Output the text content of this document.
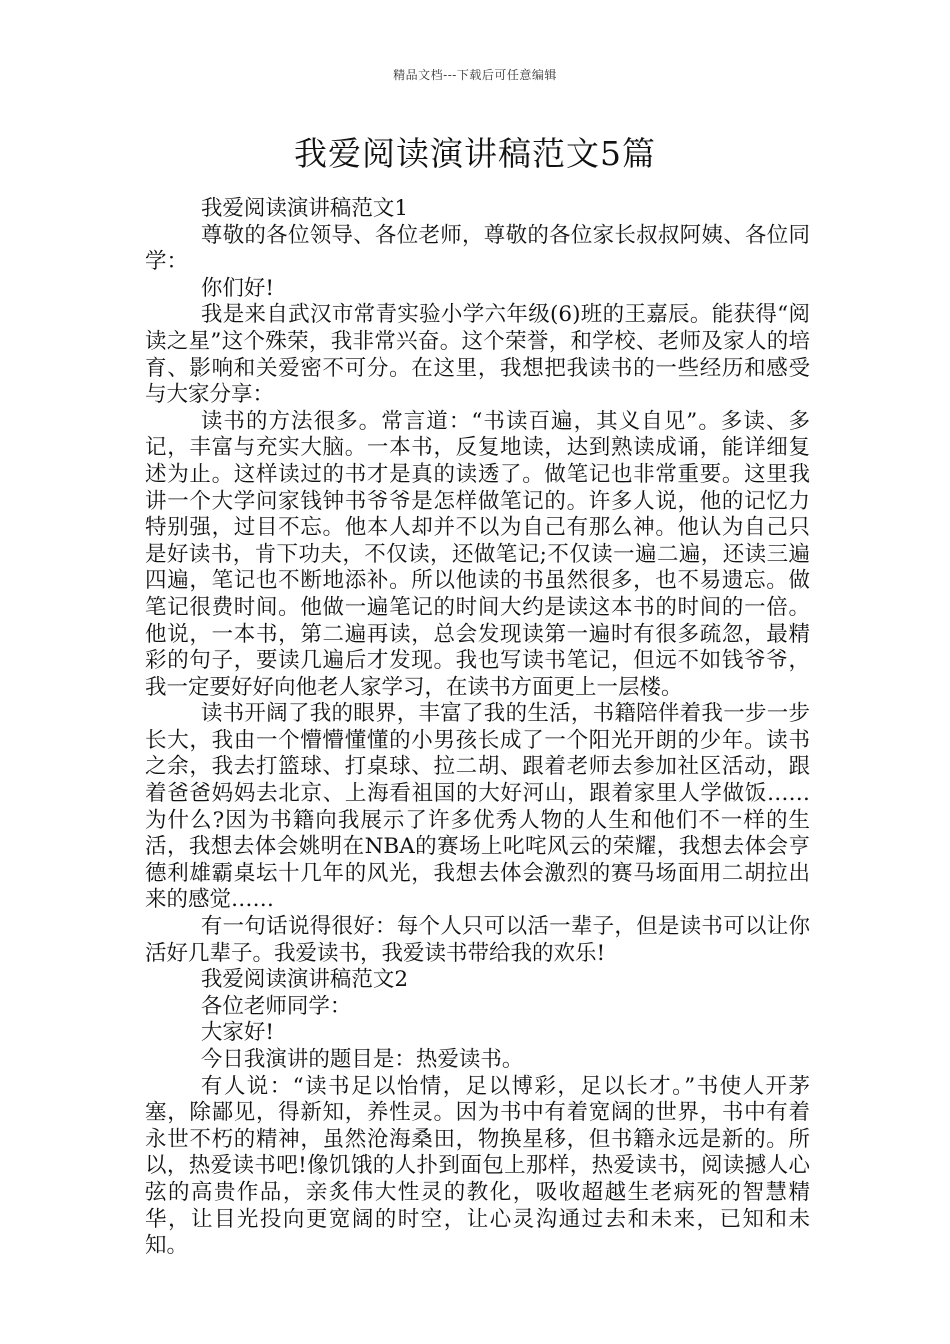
精品文档---下载后可任意编辑
我爱阅读演讲稿范文5篇

我爱阅读演讲稿范文1

尊敬的各位领导、各位老师，尊敬的各位家长叔叔阿姨、各位同学：

你们好!

我是来自武汉市常青实验小学六年级(6)班的王嘉辰。能获得“阅读之星”这个殊荣，我非常兴奋。这个荣誉，和学校、老师及家人的培育、影响和关爱密不可分。在这里，我想把我读书的一些经历和感受与大家分享：

读书的方法很多。常言道：“书读百遍，其义自见”。多读、多记，丰富与充实大脑。一本书，反复地读，达到熟读成诵，能详细复述为止。这样读过的书才是真的读透了。做笔记也非常重要。这里我讲一个大学问家钱钟书爷爷是怎样做笔记的。许多人说，他的记忆力特别强，过目不忘。他本人却并不以为自己有那么神。他认为自己只是好读书，肯下功夫，不仅读，还做笔记;不仅读一遍二遍，还读三遍四遍，笔记也不断地添补。所以他读的书虽然很多，也不易遗忘。做笔记很费时间。他做一遍笔记的时间大约是读这本书的时间的一倍。他说，一本书，第二遍再读，总会发现读第一遍时有很多疏忽，最精彩的句子，要读几遍后才发现。我也写读书笔记，但远不如钱爷爷，我一定要好好向他老人家学习，在读书方面更上一层楼。

读书开阔了我的眼界，丰富了我的生活，书籍陪伴着我一步一步长大，我由一个懵懵懂懂的小男孩长成了一个阳光开朗的少年。读书之余，我去打篮球、打桌球、拉二胡、跟着老师去参加社区活动，跟着爸爸妈妈去北京、上海看祖国的大好河山，跟着家里人学做饭……为什么?因为书籍向我展示了许多优秀人物的人生和他们不一样的生活，我想去体会姚明在NBA的赛场上叱咤风云的荣耀，我想去体会亨德利雄霸桌坛十几年的风光，我想去体会激烈的赛马场面用二胡拉出来的感觉……

有一句话说得很好：每个人只可以活一辈子，但是读书可以让你活好几辈子。我爱读书，我爱读书带给我的欢乐!

我爱阅读演讲稿范文2

各位老师同学：

大家好!

今日我演讲的题目是：热爱读书。

有人说：“读书足以怡情，足以博彩，足以长才。”书使人开茅塞，除鄙见，得新知，养性灵。因为书中有着宽阔的世界，书中有着永世不朽的精神，虽然沧海桑田，物换星移，但书籍永远是新的。所以，热爱读书吧!像饥饿的人扑到面包上那样，热爱读书，阅读撼人心弦的高贵作品，亲炙伟大性灵的教化，吸收超越生老病死的智慧精华，让目光投向更宽阔的时空，让心灵沟通过去和未来，已知和未知。
